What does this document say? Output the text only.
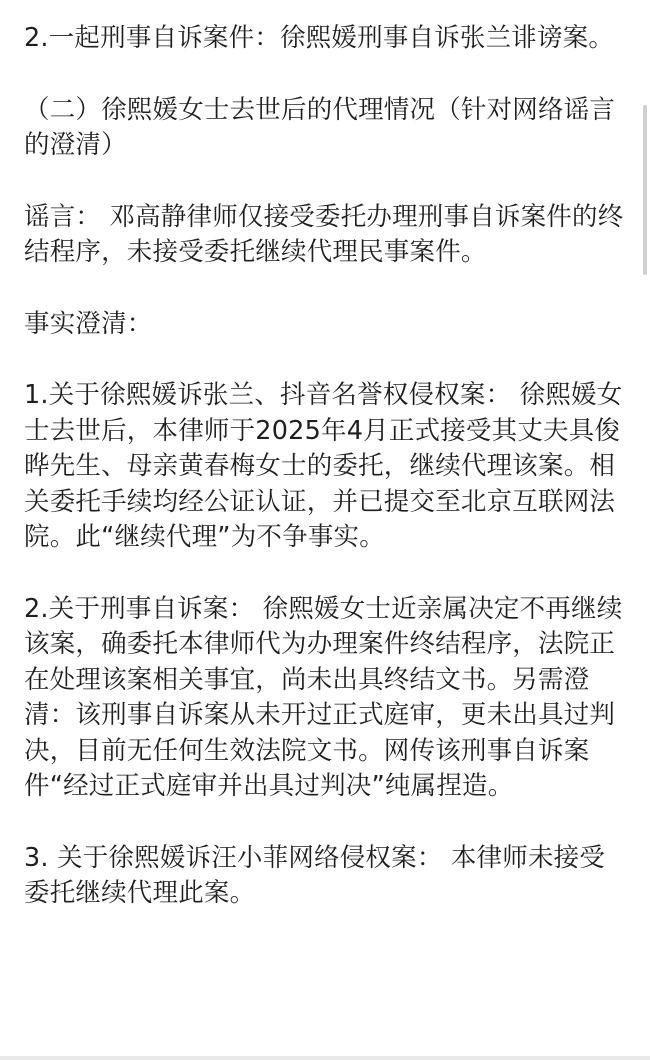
2.一起刑事自诉案件：徐熙媛刑事自诉张兰诽谤案。

（二）徐熙媛女士去世后的代理情况（针对网络谣言的澄清）

谣言： 邓高静律师仅接受委托办理刑事自诉案件的终结程序，未接受委托继续代理民事案件。

事实澄清：

1.关于徐熙媛诉张兰、抖音名誉权侵权案： 徐熙媛女士去世后，本律师于2025年4月正式接受其丈夫具俊晔先生、母亲黄春梅女士的委托，继续代理该案。相关委托手续均经公证认证，并已提交至北京互联网法院。此“继续代理”为不争事实。

2.关于刑事自诉案： 徐熙媛女士近亲属决定不再继续该案，确委托本律师代为办理案件终结程序，法院正在处理该案相关事宜，尚未出具终结文书。另需澄清：该刑事自诉案从未开过正式庭审，更未出具过判决，目前无任何生效法院文书。网传该刑事自诉案件“经过正式庭审并出具过判决”纯属捏造。

3. 关于徐熙媛诉汪小菲网络侵权案： 本律师未接受委托继续代理此案。
